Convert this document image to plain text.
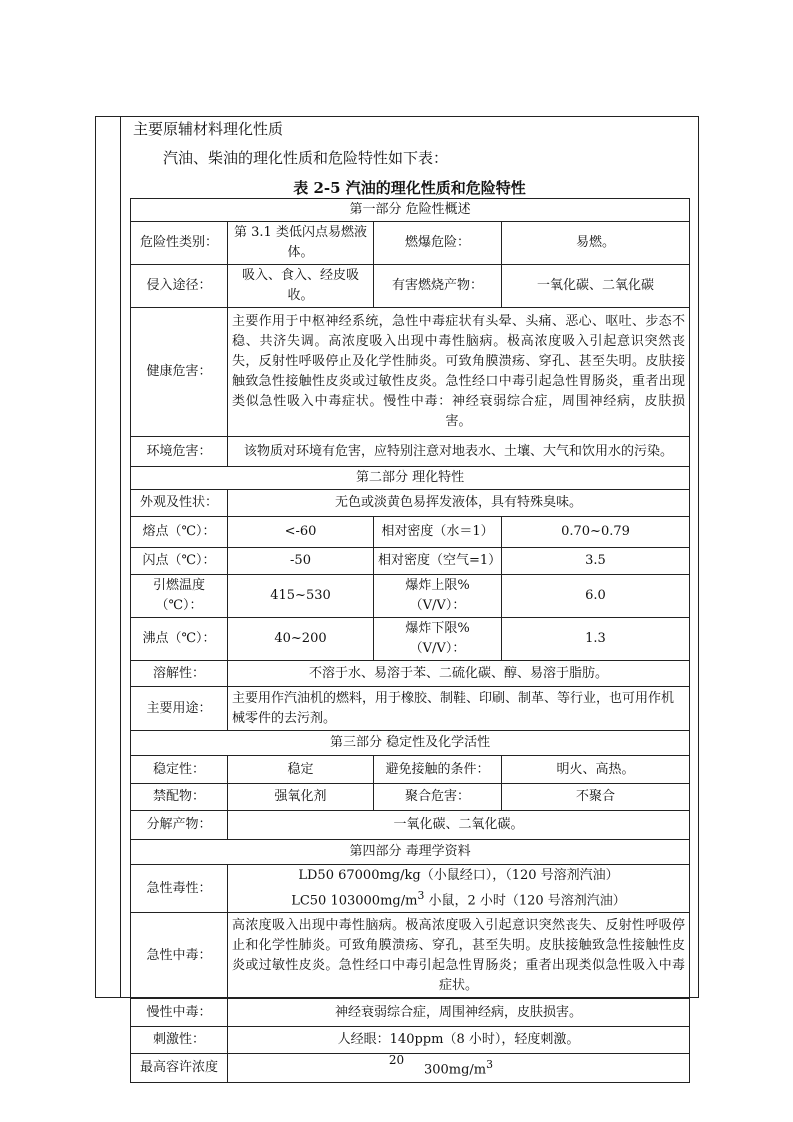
主要原辅材料理化性质
汽油、柴油的理化性质和危险特性如下表：
表 2-5 汽油的理化性质和危险特性
第一部分 危险性概述			
危险性类别：	第 3.1 类低闪点易燃液体。	燃爆危险：	易燃。
侵入途径：	吸入、食入、经皮吸收。	有害燃烧产物：	一氧化碳、二氧化碳
健康危害：	主要作用于中枢神经系统，急性中毒症状有头晕、头痛、恶心、呕吐、步态不稳、共济失调。高浓度吸入出现中毒性脑病。极高浓度吸入引起意识突然丧失，反射性呼吸停止及化学性肺炎。可致角膜溃疡、穿孔、甚至失明。皮肤接触致急性接触性皮炎或过敏性皮炎。急性经口中毒引起急性胃肠炎，重者出现类似急性吸入中毒症状。慢性中毒：神经衰弱综合症，周围神经病，皮肤损害。		
环境危害：	该物质对环境有危害，应特别注意对地表水、土壤、大气和饮用水的污染。		
第二部分 理化特性			
外观及性状：	无色或淡黄色易挥发液体，具有特殊臭味。		
熔点（℃）：	<-60	相对密度（水＝1）	0.70~0.79
闪点（℃）：	-50	相对密度（空气=1）	3.5
引燃温度（℃）：	415~530	爆炸上限%（V/V）：	6.0
沸点（℃）：	40~200	爆炸下限%（V/V）：	1.3
溶解性：	不溶于水、易溶于苯、二硫化碳、醇、易溶于脂肪。		
主要用途：	主要用作汽油机的燃料，用于橡胶、制鞋、印刷、制革、等行业，也可用作机械零件的去污剂。		
第三部分 稳定性及化学活性			
稳定性：	稳定	避免接触的条件：	明火、高热。
禁配物：	强氧化剂	聚合危害：	不聚合
分解产物：	一氧化碳、二氧化碳。		
第四部分 毒理学资料			
急性毒性：	LD50 67000mg/kg（小鼠经口），（120 号溶剂汽油）
LC50 $103000mg/m^3$ 小鼠，2 小时（120 号溶剂汽油）		

急性中毒：	高浓度吸入出现中毒性脑病。极高浓度吸入引起意识突然丧失、反射性呼吸停止和化学性肺炎。可致角膜溃疡、穿孔，甚至失明。皮肤接触致急性接触性皮炎或过敏性皮炎。急性经口中毒引起急性胃肠炎；重者出现类似急性吸入中毒症状。		
慢性中毒：	神经衰弱综合症，周围神经病，皮肤损害。		
刺激性：	人经眼：140ppm（8 小时），轻度刺激。		
最高容许浓度	$300mg/m^3$
20
